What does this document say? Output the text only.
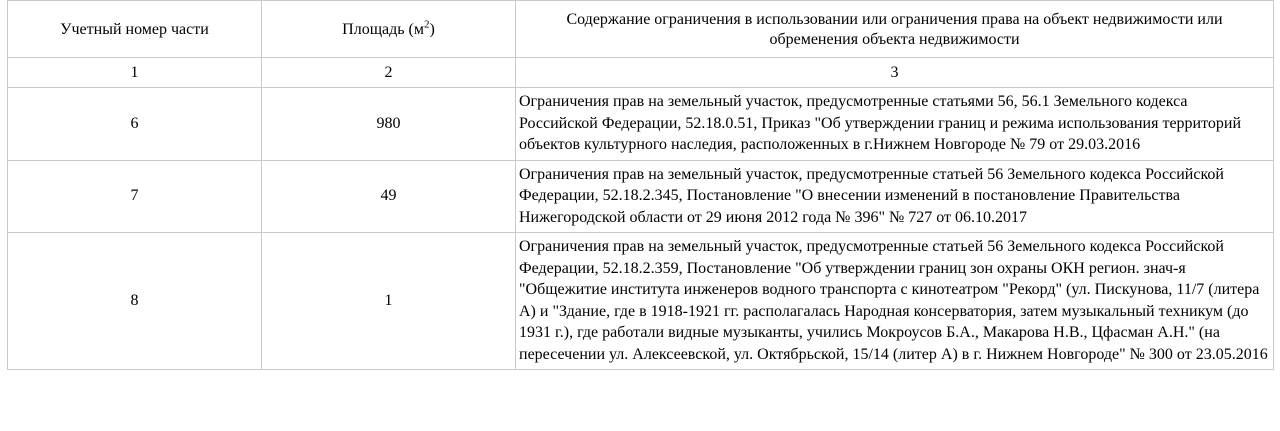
Учетный номер части	Площадь $(м^2)$	Содержание ограничения в использовании или ограничения права на объект недвижимости или обременения объекта недвижимости
1	2	3
6	980	Ограничения прав на земельный участок, предусмотренные статьями 56, 56.1 Земельного кодекса Российской Федерации, 52.18.0.51, Приказ "Об утверждении границ и режима использования территорий объектов культурного наследия, расположенных в г.Нижнем Новгороде № 79 от 29.03.2016
7	49	Ограничения прав на земельный участок, предусмотренные статьей 56 Земельного кодекса Российской Федерации, 52.18.2.345, Постановление "О внесении изменений в постановление Правительства Нижегородской области от 29 июня 2012 года № 396" № 727 от 06.10.2017
8	1	Ограничения прав на земельный участок, предусмотренные статьей 56 Земельного кодекса Российской Федерации, 52.18.2.359, Постановление "Об утверждении границ зон охраны ОКН регион. знач-я "Общежитие института инженеров водного транспорта с кинотеатром "Рекорд" (ул. Пискунова, 11/7 (литера А) и "Здание, где в 1918-1921 гг. располагалась Народная консерватория, затем музыкальный техникум (до 1931 г.), где работали видные музыканты, учились Мокроусов Б.А., Макарова Н.В., Цфасман А.Н." (на пересечении ул. Алексеевской, ул. Октябрьской, 15/14 (литер А) в г. Нижнем Новгороде" № 300 от 23.05.2016
